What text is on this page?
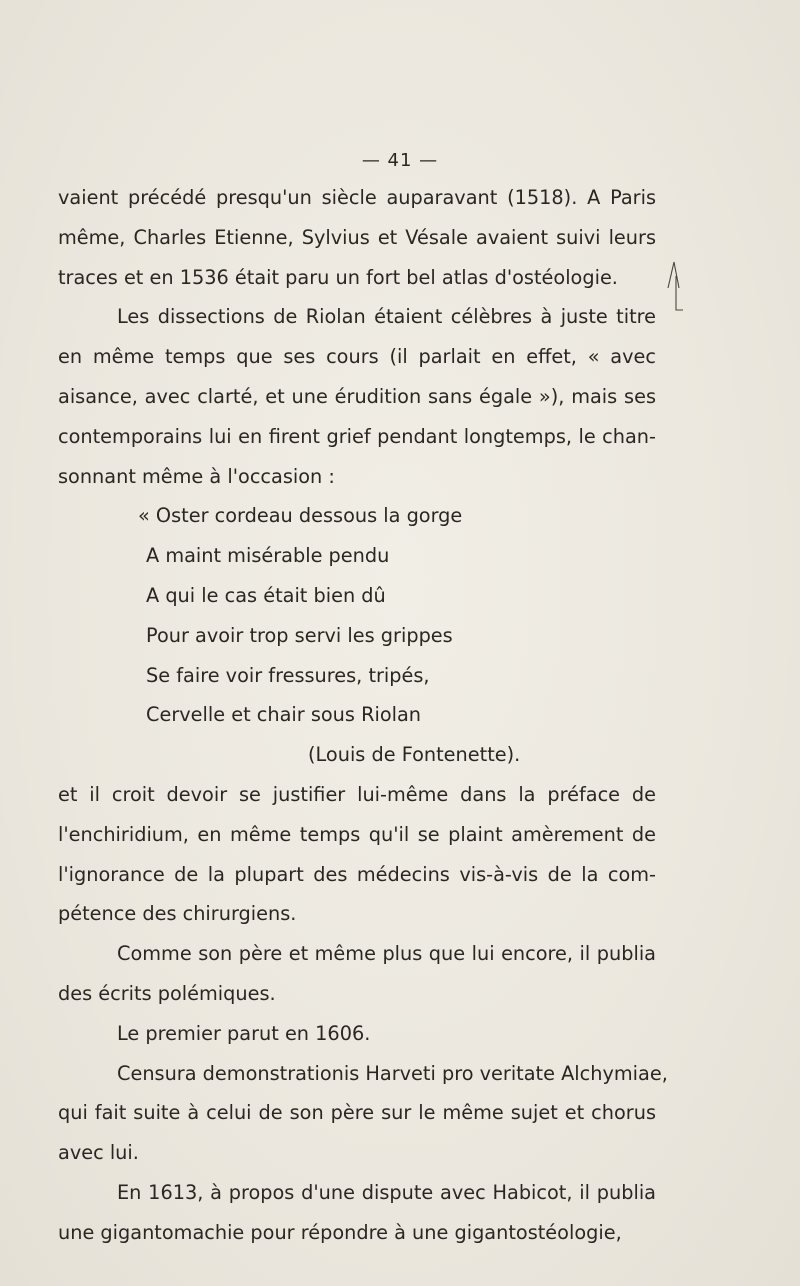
— 41 —

vaient précédé presqu'un siècle auparavant (1518). A Paris

même, Charles Etienne, Sylvius et Vésale avaient suivi leurs

traces et en 1536 était paru un fort bel atlas d'ostéologie.

Les dissections de Riolan étaient célèbres à juste titre

en même temps que ses cours (il parlait en effet, « avec

aisance, avec clarté, et une érudition sans égale »), mais ses

contemporains lui en firent grief pendant longtemps, le chan-

sonnant même à l'occasion :

« Oster cordeau dessous la gorge

A maint misérable pendu

A qui le cas était bien dû

Pour avoir trop servi les grippes

Se faire voir fressures, tripés,

Cervelle et chair sous Riolan

(Louis de Fontenette).

et il croit devoir se justifier lui-même dans la préface de

l'enchiridium, en même temps qu'il se plaint amèrement de

l'ignorance de la plupart des médecins vis-à-vis de la com-

pétence des chirurgiens.

Comme son père et même plus que lui encore, il publia

des écrits polémiques.

Le premier parut en 1606.

Censura demonstrationis Harveti pro veritate Alchymiae,

qui fait suite à celui de son père sur le même sujet et chorus

avec lui.

En 1613, à propos d'une dispute avec Habicot, il publia

une gigantomachie pour répondre à une gigantostéologie,
